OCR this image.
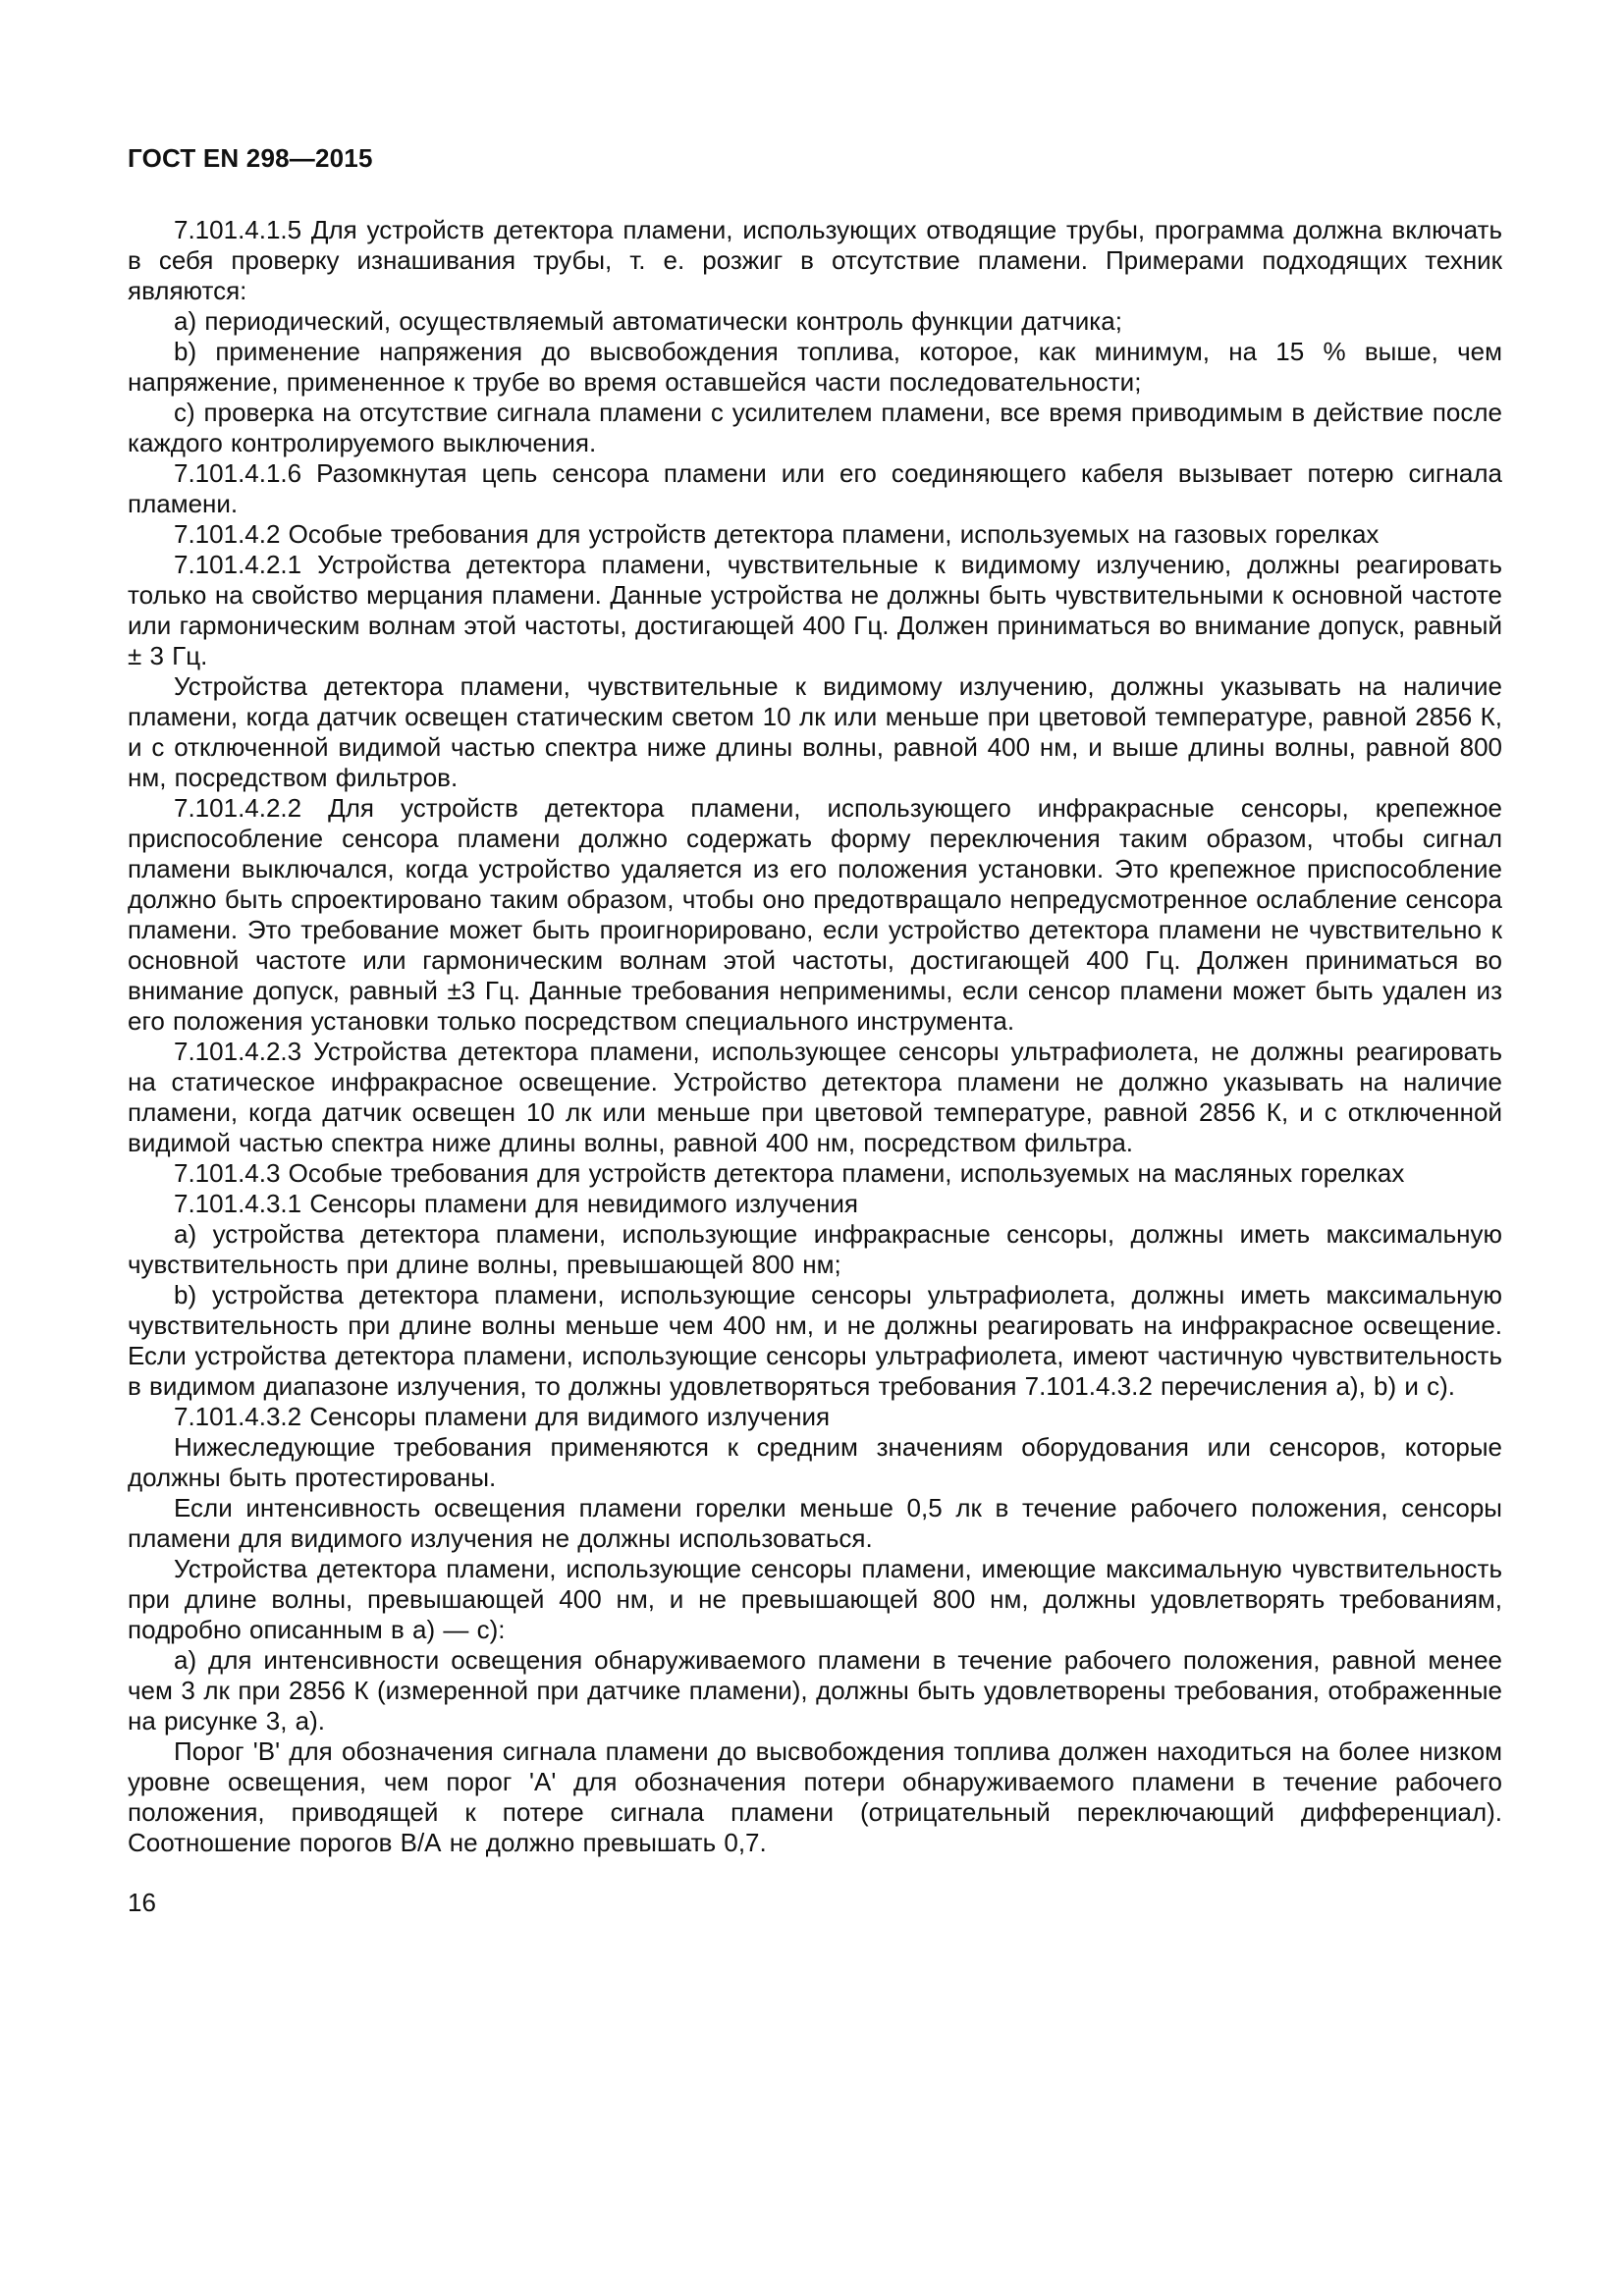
ГОСТ EN 298—2015

7.101.4.1.5 Для устройств детектора пламени, использующих отводящие трубы, программа должна включать в себя проверку изнашивания трубы, т. е. розжиг в отсутствие пламени. Примерами подходящих техник являются:

а) периодический, осуществляемый автоматически контроль функции датчика;

b) применение напряжения до высвобождения топлива, которое, как минимум, на 15 % выше, чем напряжение, примененное к трубе во время оставшейся части последовательности;

с) проверка на отсутствие сигнала пламени с усилителем пламени, все время приводимым в действие после каждого контролируемого выключения.

7.101.4.1.6 Разомкнутая цепь сенсора пламени или его соединяющего кабеля вызывает потерю сигнала пламени.

7.101.4.2 Особые требования для устройств детектора пламени, используемых на газовых горелках

7.101.4.2.1 Устройства детектора пламени, чувствительные к видимому излучению, должны реагировать только на свойство мерцания пламени. Данные устройства не должны быть чувствительными к основной частоте или гармоническим волнам этой частоты, достигающей 400 Гц. Должен приниматься во внимание допуск, равный ± 3 Гц.

Устройства детектора пламени, чувствительные к видимому излучению, должны указывать на наличие пламени, когда датчик освещен статическим светом 10 лк или меньше при цветовой температуре, равной 2856 К, и с отключенной видимой частью спектра ниже длины волны, равной 400 нм, и выше длины волны, равной 800 нм, посредством фильтров.

7.101.4.2.2 Для устройств детектора пламени, использующего инфракрасные сенсоры, крепежное приспособление сенсора пламени должно содержать форму переключения таким образом, чтобы сигнал пламени выключался, когда устройство удаляется из его положения установки. Это крепежное приспособление должно быть спроектировано таким образом, чтобы оно предотвращало непредусмотренное ослабление сенсора пламени. Это требование может быть проигнорировано, если устройство детектора пламени не чувствительно к основной частоте или гармоническим волнам этой частоты, достигающей 400 Гц. Должен приниматься во внимание допуск, равный ±3 Гц. Данные требования неприменимы, если сенсор пламени может быть удален из его положения установки только посредством специального инструмента.

7.101.4.2.3 Устройства детектора пламени, использующее сенсоры ультрафиолета, не должны реагировать на статическое инфракрасное освещение. Устройство детектора пламени не должно указывать на наличие пламени, когда датчик освещен 10 лк или меньше при цветовой температуре, равной 2856 К, и с отключенной видимой частью спектра ниже длины волны, равной 400 нм, посредством фильтра.

7.101.4.3 Особые требования для устройств детектора пламени, используемых на масляных горелках

7.101.4.3.1 Сенсоры пламени для невидимого излучения

а) устройства детектора пламени, использующие инфракрасные сенсоры, должны иметь максимальную чувствительность при длине волны, превышающей 800 нм;

b) устройства детектора пламени, использующие сенсоры ультрафиолета, должны иметь максимальную чувствительность при длине волны меньше чем 400 нм, и не должны реагировать на инфракрасное освещение. Если устройства детектора пламени, использующие сенсоры ультрафиолета, имеют частичную чувствительность в видимом диапазоне излучения, то должны удовлетворяться требования 7.101.4.3.2 перечисления а), b) и с).

7.101.4.3.2 Сенсоры пламени для видимого излучения

Нижеследующие требования применяются к средним значениям оборудования или сенсоров, которые должны быть протестированы.

Если интенсивность освещения пламени горелки меньше 0,5 лк в течение рабочего положения, сенсоры пламени для видимого излучения не должны использоваться.

Устройства детектора пламени, использующие сенсоры пламени, имеющие максимальную чувствительность при длине волны, превышающей 400 нм, и не превышающей 800 нм, должны удовлетворять требованиям, подробно описанным в а) — с):

а) для интенсивности освещения обнаруживаемого пламени в течение рабочего положения, равной менее чем 3 лк при 2856 К (измеренной при датчике пламени), должны быть удовлетворены требования, отображенные на рисунке 3, а).

Порог 'B' для обозначения сигнала пламени до высвобождения топлива должен находиться на более низком уровне освещения, чем порог 'A' для обозначения потери обнаруживаемого пламени в течение рабочего положения, приводящей к потере сигнала пламени (отрицательный переключающий дифференциал). Соотношение порогов В/А не должно превышать 0,7.

16
